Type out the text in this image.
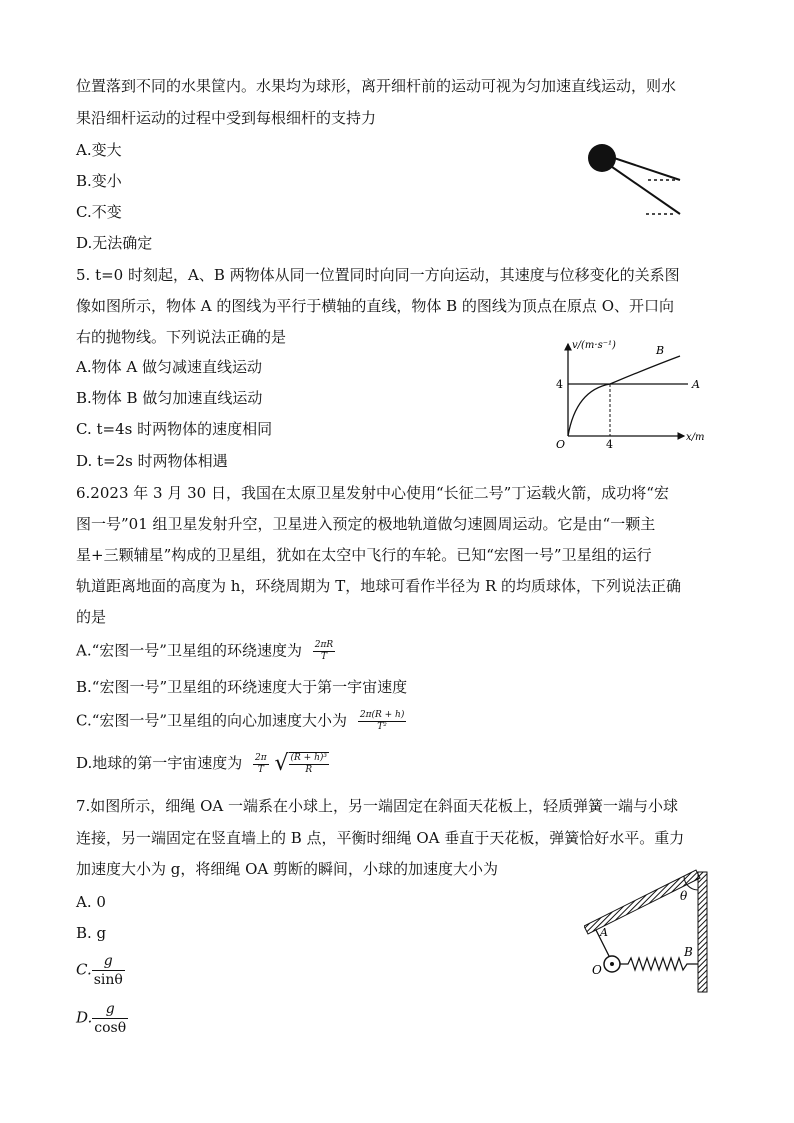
位置落到不同的水果筐内。水果均为球形，离开细杆前的运动可视为匀加速直线运动，则水
果沿细杆运动的过程中受到每根细杆的支持力
A.变大
B.变小
C.不变
D.无法确定
5. t=0 时刻起，A、B 两物体从同一位置同时向同一方向运动，其速度与位移变化的关系图
像如图所示，物体 A 的图线为平行于横轴的直线，物体 B 的图线为顶点在原点 O、开口向
右的抛物线。下列说法正确的是
A.物体 A 做匀减速直线运动
B.物体 B 做匀加速直线运动
C. t=4s 时两物体的速度相同
D. t=2s 时两物体相遇
v/(m·s⁻¹)
x/m
O
4
4
B
A
6.2023 年 3 月 30 日，我国在太原卫星发射中心使用“长征二号”丁运载火箭，成功将“宏
图一号”01 组卫星发射升空，卫星进入预定的极地轨道做匀速圆周运动。它是由“一颗主
星+三颗辅星”构成的卫星组，犹如在太空中飞行的车轮。已知“宏图一号”卫星组的运行
轨道距离地面的高度为 h，环绕周期为 T，地球可看作半径为 R 的均质球体，下列说法正确
的是
A.“宏图一号”卫星组的环绕速度为 $\frac{2\pi R}{T}$
B.“宏图一号”卫星组的环绕速度大于第一宇宙速度
C.“宏图一号”卫星组的向心加速度大小为 $\frac{2\pi(R + h)}{\text{T²}}$
D.地球的第一宇宙速度为 $\frac{2\pi}{T}$ √ $\frac{\text{(R + h)³}}{R}$
7.如图所示，细绳 OA 一端系在小球上，另一端固定在斜面天花板上，轻质弹簧一端与小球
连接，另一端固定在竖直墙上的 B 点，平衡时细绳 OA 垂直于天花板，弹簧恰好水平。重力
加速度大小为 g，将细绳 OA 剪断的瞬间，小球的加速度大小为
A. 0
B. g
C. $\frac{g}{\sin\theta}$
D. $\frac{g}{\cos\theta}$
θ
A
O
B
